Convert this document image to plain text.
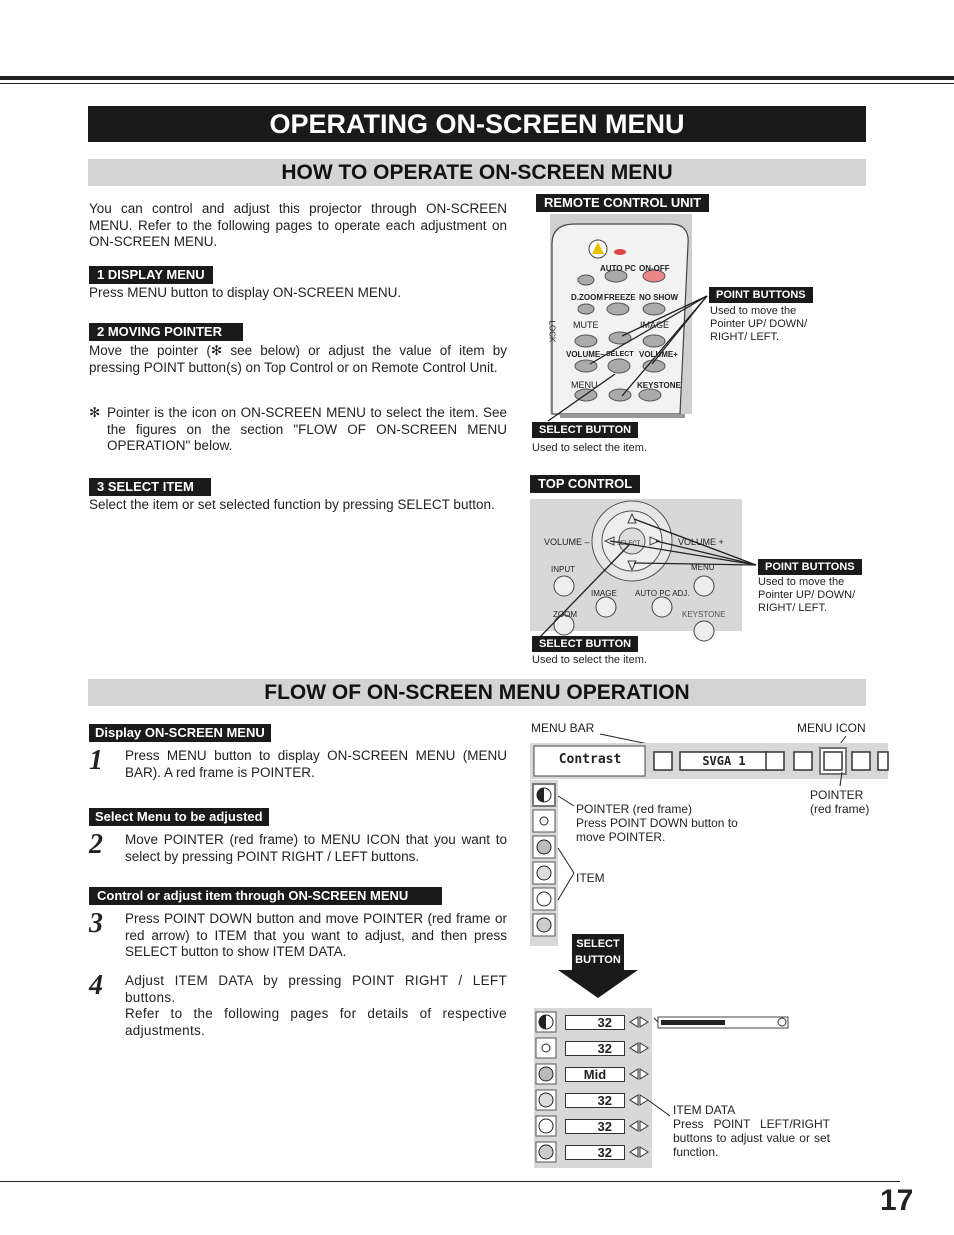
OPERATING ON-SCREEN MENU
HOW TO OPERATE ON-SCREEN MENU
You can control and adjust this projector through ON-SCREEN MENU. Refer to the following pages to operate each adjustment on ON-SCREEN MENU.
1 DISPLAY MENU
Press MENU button to display ON-SCREEN MENU.
2 MOVING POINTER
Move the pointer (✻ see below) or adjust the value of item by pressing POINT button(s) on Top Control or on Remote Control Unit.
✻ Pointer is the icon on ON-SCREEN MENU to select the item. See the figures on the section "FLOW OF ON-SCREEN MENU OPERATION" below.
3 SELECT ITEM
Select the item or set selected function by pressing SELECT button.
REMOTE CONTROL UNIT
AUTO PC ON-OFF
D.ZOOM FREEZE NO SHOW
MUTE	IMAGE
VOLUME– SELECT VOLUME+
MENU	KEYSTONE
LOCK
POINT BUTTONS
Used to move the Pointer UP/ DOWN/ RIGHT/ LEFT.
SELECT BUTTON
Used to select the item.
TOP CONTROL
VOLUME –	VOLUME +
SELECT
INPUT	MENU
IMAGE AUTO PC ADJ.
ZOOM	KEYSTONE
POINT BUTTONS
Used to move the Pointer UP/ DOWN/ RIGHT/ LEFT.
SELECT BUTTON
Used to select the item.
FLOW OF ON-SCREEN MENU OPERATION
Display ON-SCREEN MENU
1 Press MENU button to display ON-SCREEN MENU (MENU BAR). A red frame is POINTER.
Select Menu to be adjusted
2 Move POINTER (red frame) to MENU ICON that you want to select by pressing POINT RIGHT / LEFT buttons.
Control or adjust item through ON-SCREEN MENU
3 Press POINT DOWN button and move POINTER (red frame or red arrow) to ITEM that you want to adjust, and then press SELECT button to show ITEM DATA.
4 Adjust ITEM DATA by pressing POINT RIGHT / LEFT buttons.
Refer to the following pages for details of respective adjustments.
MENU BAR	MENU ICON
Contrast	SVGA 1
POINTER
(red frame)
POINTER (red frame)
Press POINT DOWN button to move POINTER.
ITEM
SELECT
BUTTON
32
32
Mid
32
32
32
ITEM DATA
Press POINT LEFT/RIGHT buttons to adjust value or set function.
17
